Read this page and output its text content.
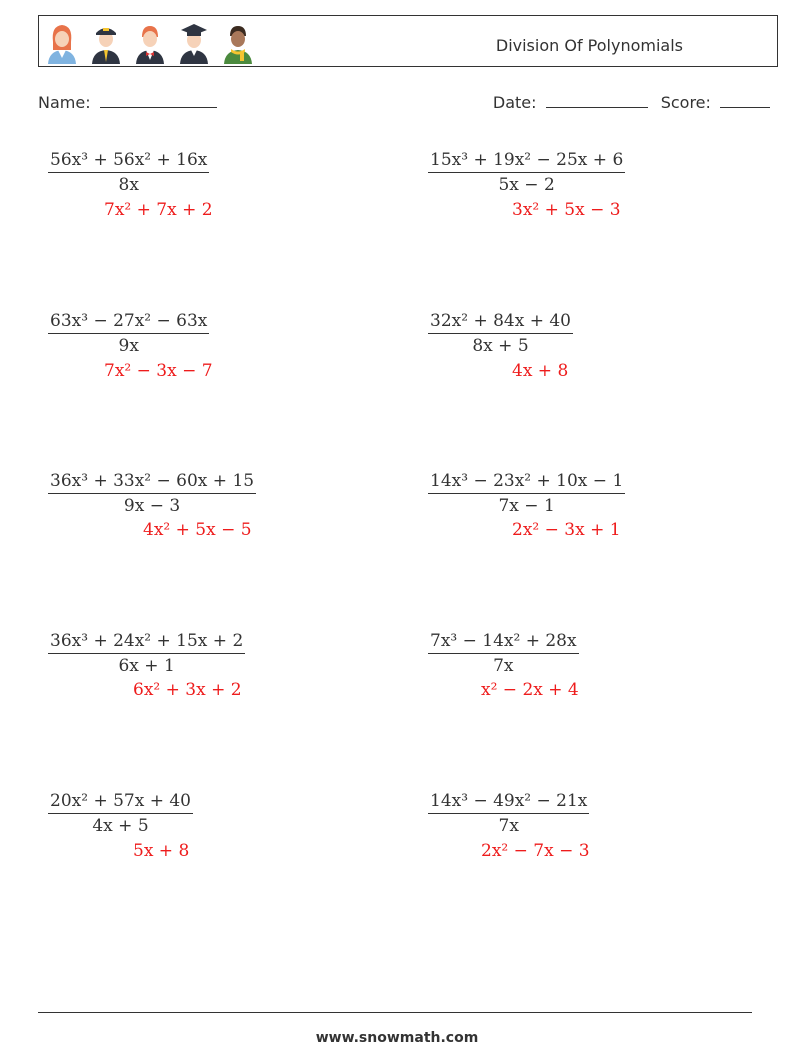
Division Of Polynomials
Name:	Date:	Score:
$\frac{\text{56x³ + 56x² + 16x}}{8x}$
7x² + 7x + 2
$\frac{\text{15x³ + 19x² − 25x + 6}}{5x - 2}$
3x² + 5x − 3
$\frac{\text{63x³ − 27x² − 63x}}{9x}$
7x² − 3x − 7
$\frac{\text{32x² + 84x + 40}}{8x + 5}$
4x + 8
$\frac{\text{36x³ + 33x² − 60x + 15}}{9x - 3}$
4x² + 5x − 5
$\frac{\text{14x³ − 23x² + 10x − 1}}{7x - 1}$
2x² − 3x + 1
$\frac{\text{36x³ + 24x² + 15x + 2}}{6x + 1}$
6x² + 3x + 2
$\frac{\text{7x³ − 14x² + 28x}}{7x}$
x² − 2x + 4
$\frac{\text{20x² + 57x + 40}}{4x + 5}$
5x + 8
$\frac{\text{14x³ − 49x² − 21x}}{7x}$
2x² − 7x − 3
www.snowmath.com
